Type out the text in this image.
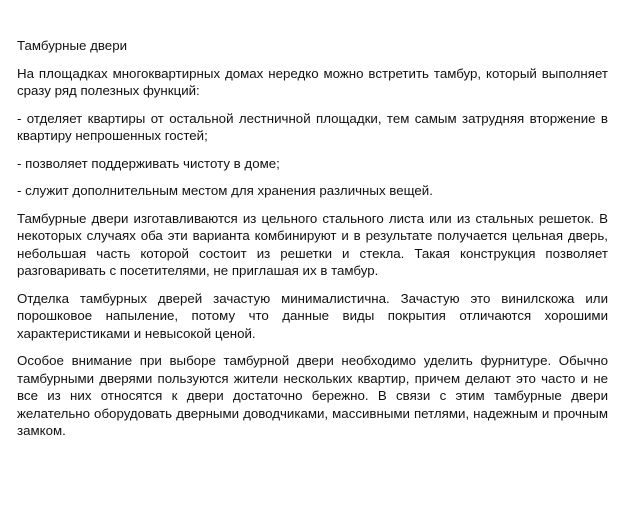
Тамбурные двери

На площадках многоквартирных домах нередко можно встретить тамбур, который выполняет сразу ряд полезных функций:

- отделяет квартиры от остальной лестничной площадки, тем самым затрудняя вторжение в квартиру непрошенных гостей;

- позволяет поддерживать чистоту в доме;

- служит дополнительным местом для хранения различных вещей.

Тамбурные двери изготавливаются из цельного стального листа или из стальных решеток. В некоторых случаях оба эти варианта комбинируют и в результате получается цельная дверь, небольшая часть которой состоит из решетки и стекла. Такая конструкция позволяет разговаривать с посетителями, не приглашая их в тамбур.

Отделка тамбурных дверей зачастую минималистична. Зачастую это винилскожа или порошковое напыление, потому что данные виды покрытия отличаются хорошими характеристиками и невысокой ценой.

Особое внимание при выборе тамбурной двери необходимо уделить фурнитуре. Обычно тамбурными дверями пользуются жители нескольких квартир, причем делают это часто и не все из них относятся к двери достаточно бережно. В связи с этим тамбурные двери желательно оборудовать дверными доводчиками, массивными петлями, надежным и прочным замком.
